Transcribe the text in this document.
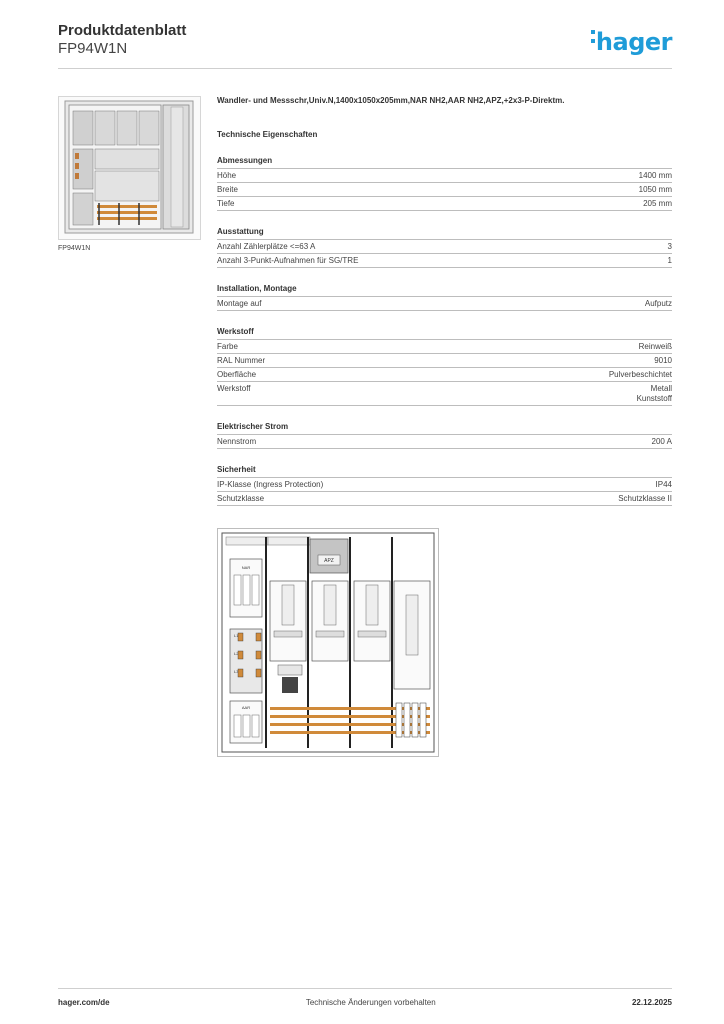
Produktdatenblatt
FP94W1N	hager
FP94W1N
Wandler- und Messschr,Univ.N,1400x1050x205mm,NAR NH2,AAR NH2,APZ,+2x3-P-Direktm.
Technische Eigenschaften
Abmessungen
Höhe	1400 mm
Breite	1050 mm
Tiefe	205 mm
Ausstattung
Anzahl Zählerplätze <=63 A	3
Anzahl 3-Punkt-Aufnahmen für SG/TRE	1
Installation, Montage
Montage auf	Aufputz
Werkstoff
Farbe	Reinweiß
RAL Nummer	9010
Oberfläche	Pulverbeschichtet
Werkstoff	Metall
Kunststoff
Elektrischer Strom
Nennstrom	200 A
Sicherheit
IP-Klasse (Ingress Protection)	IP44
Schutzklasse	Schutzklasse II
NAR
L1
L2
L3
AAR
APZ
hager.com/de	Technische Änderungen vorbehalten	22.12.2025
